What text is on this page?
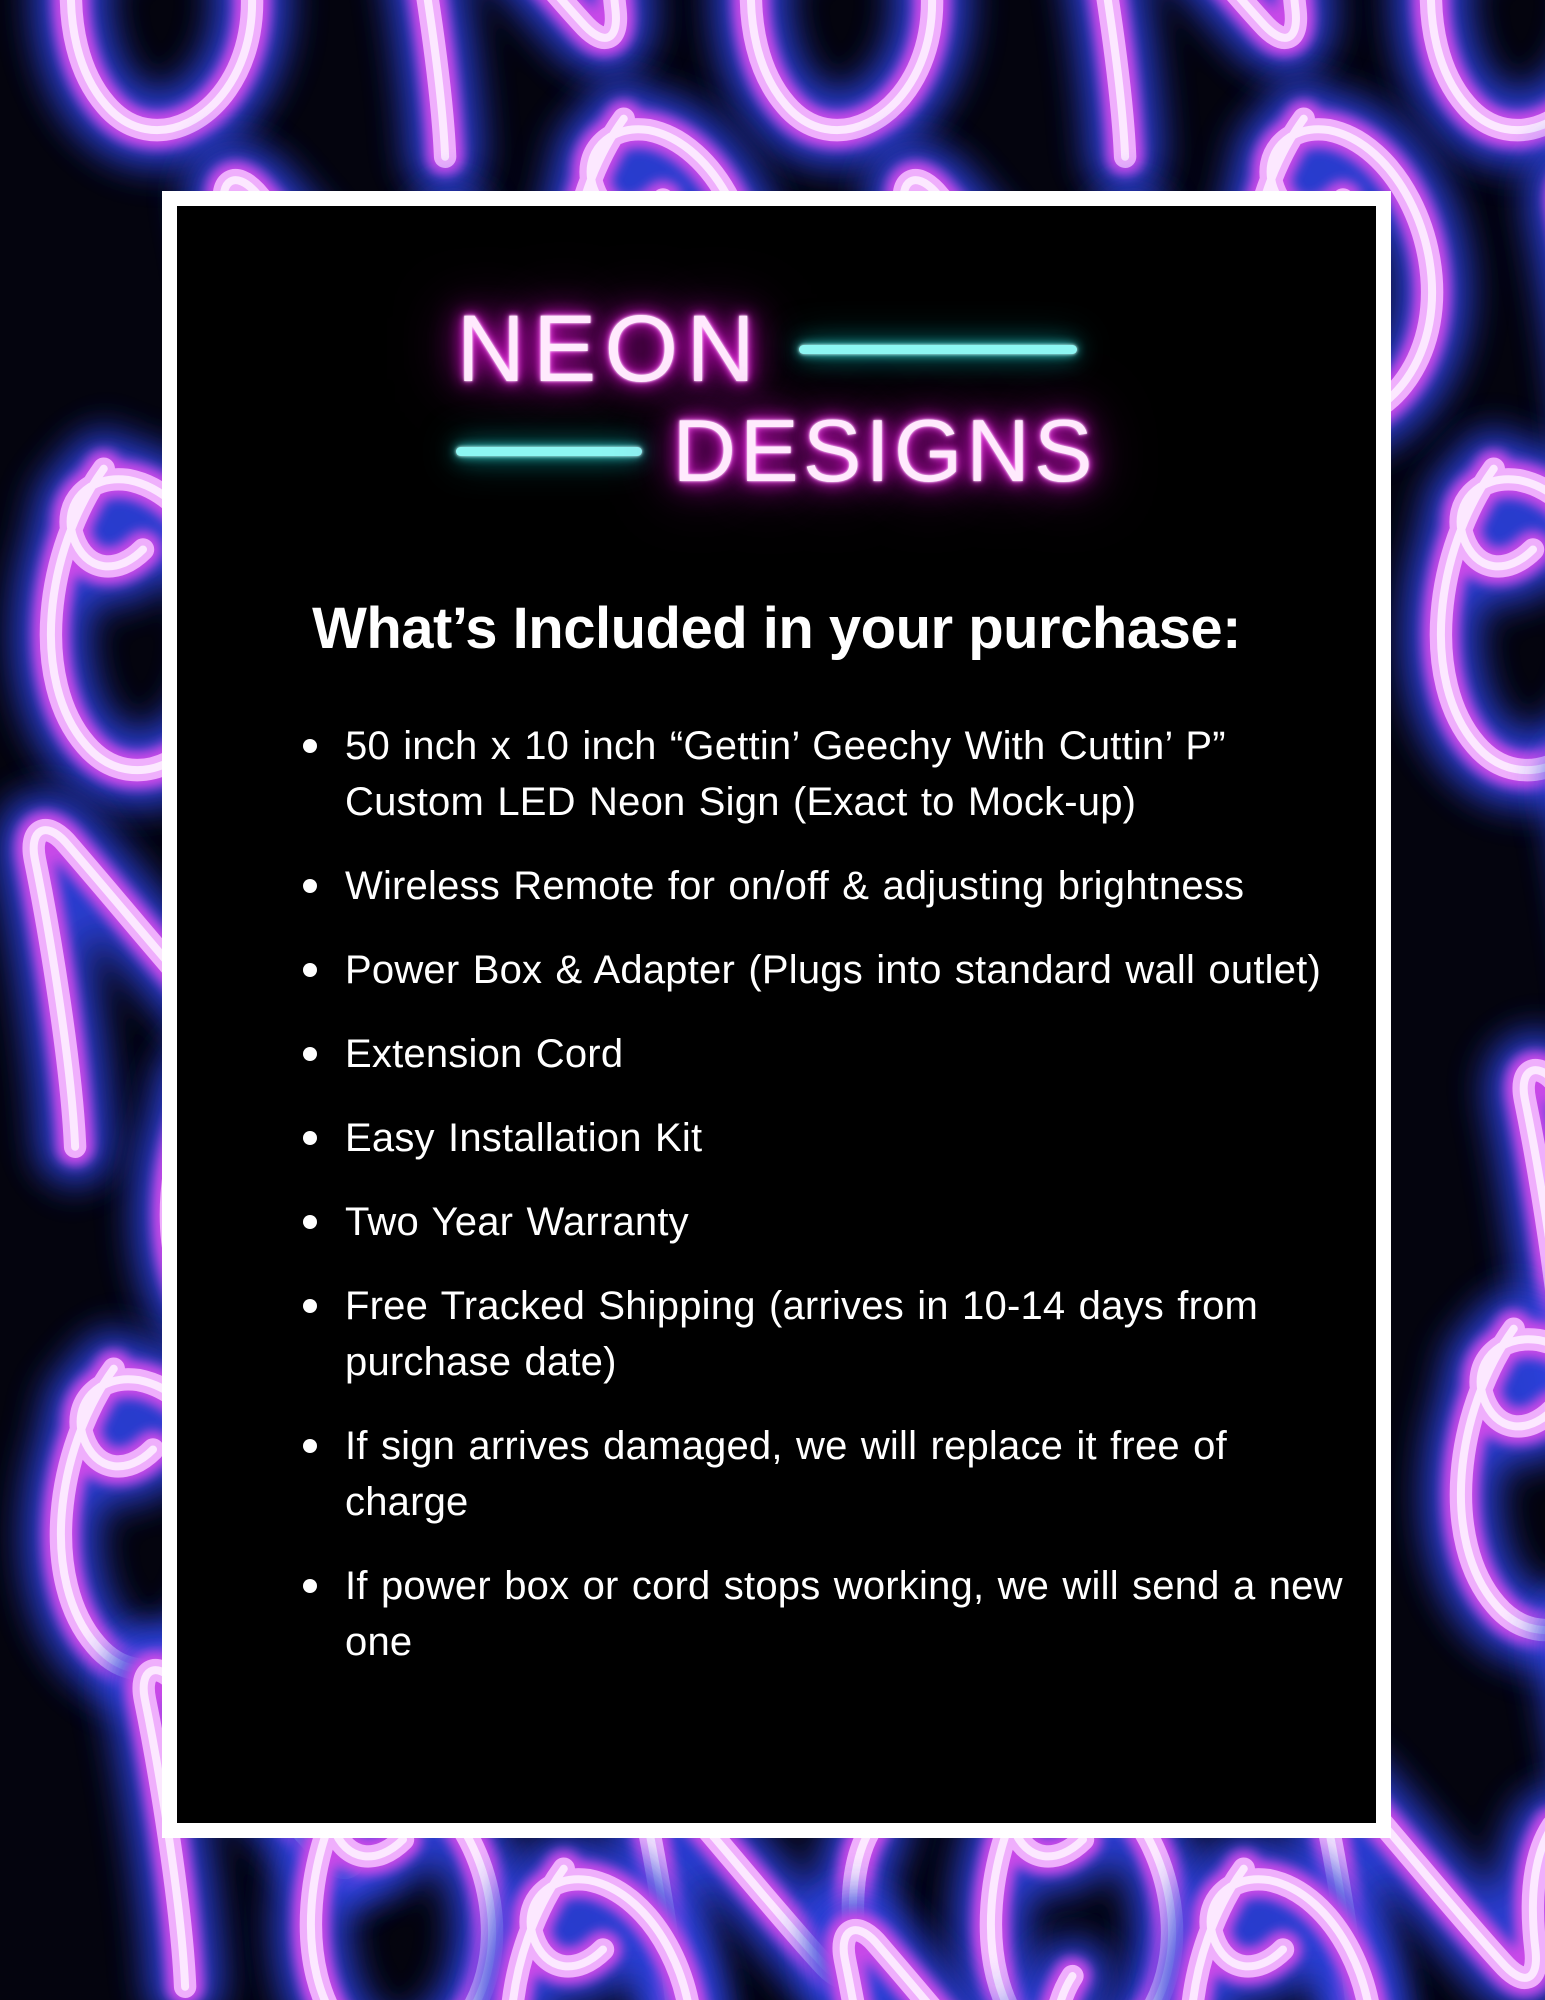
NEON
DESIGNS
What’s Included in your purchase:
50 inch x 10 inch “Gettin’ Geechy With Cuttin’ P” Custom LED Neon Sign (Exact to Mock-up)
Wireless Remote for on/off & adjusting brightness
Power Box & Adapter (Plugs into standard wall outlet)
Extension Cord
Easy Installation Kit
Two Year Warranty
Free Tracked Shipping (arrives in 10-14 days from purchase date)
If sign arrives damaged, we will replace it free of charge
If power box or cord stops working, we will send a new one
